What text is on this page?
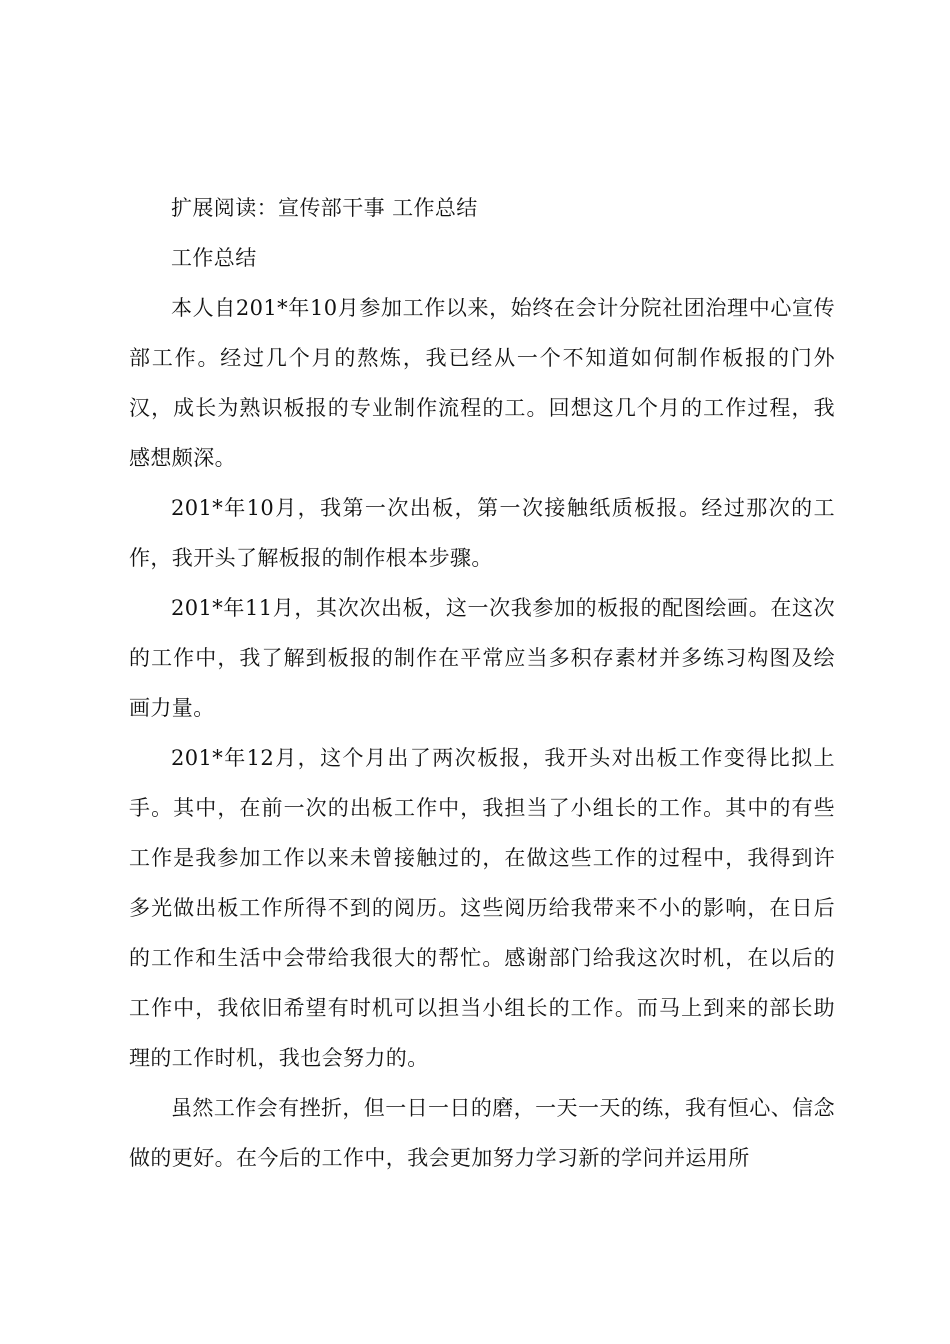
扩展阅读：宣传部干事 工作总结

工作总结

本人自201*年10月参加工作以来，始终在会计分院社团治理中心宣传部工作。经过几个月的熬炼，我已经从一个不知道如何制作板报的门外汉，成长为熟识板报的专业制作流程的工。回想这几个月的工作过程，我感想颇深。

201*年10月，我第一次出板，第一次接触纸质板报。经过那次的工作，我开头了解板报的制作根本步骤。

201*年11月，其次次出板，这一次我参加的板报的配图绘画。在这次的工作中，我了解到板报的制作在平常应当多积存素材并多练习构图及绘画力量。

201*年12月，这个月出了两次板报，我开头对出板工作变得比拟上手。其中，在前一次的出板工作中，我担当了小组长的工作。其中的有些工作是我参加工作以来未曾接触过的，在做这些工作的过程中，我得到许多光做出板工作所得不到的阅历。这些阅历给我带来不小的影响，在日后的工作和生活中会带给我很大的帮忙。感谢部门给我这次时机，在以后的工作中，我依旧希望有时机可以担当小组长的工作。而马上到来的部长助理的工作时机，我也会努力的。

虽然工作会有挫折，但一日一日的磨，一天一天的练，我有恒心、信念做的更好。在今后的工作中，我会更加努力学习新的学问并运用所
